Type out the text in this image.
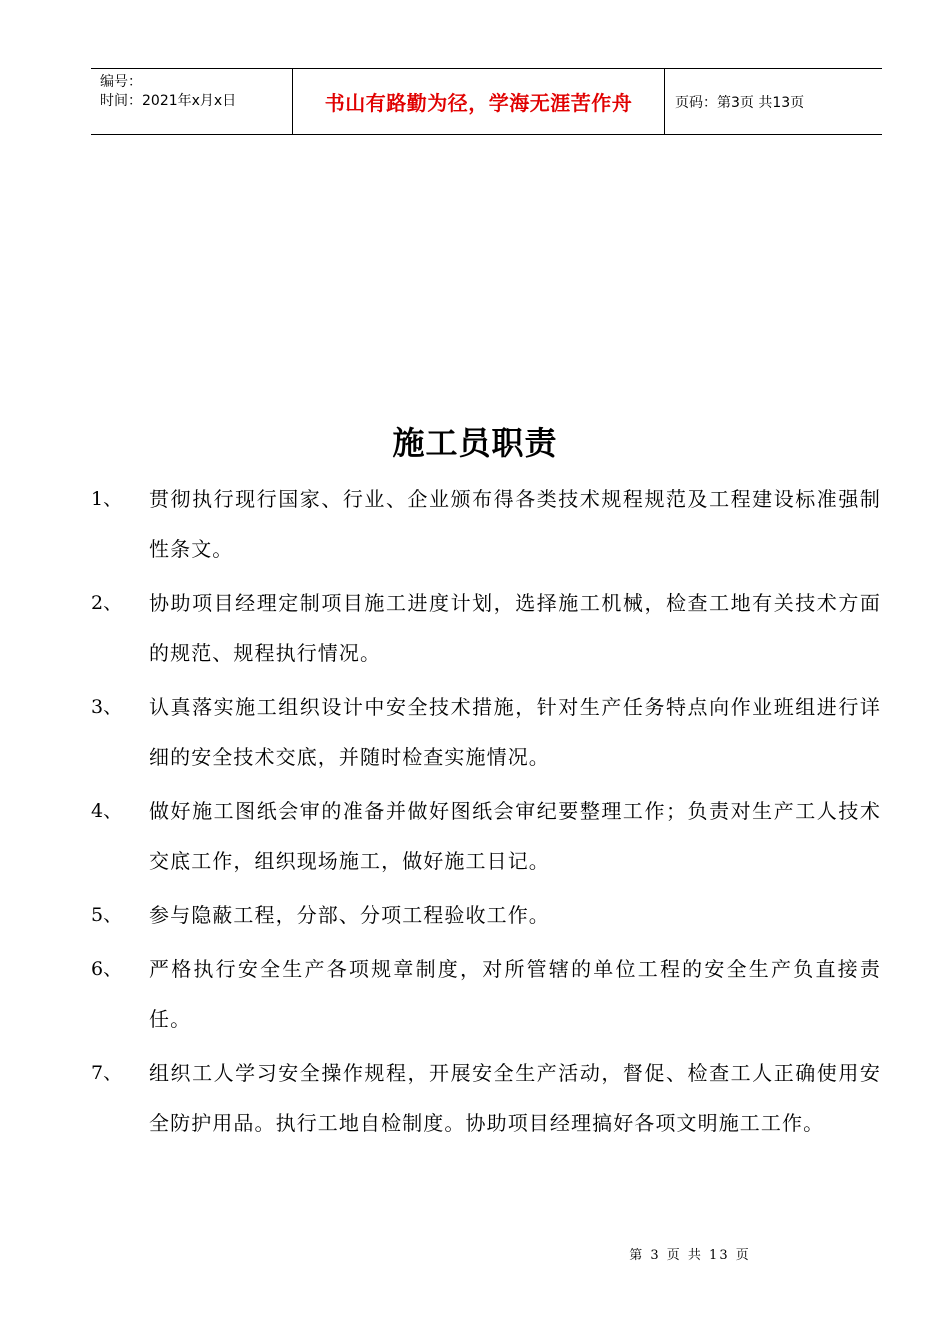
编号：
时间：2021年x月x日	书山有路勤为径，学海无涯苦作舟	页码：第3页 共13页
施工员职责
1、	贯彻执行现行国家、行业、企业颁布得各类技术规程规范及工程建设标准强制性条文。
2、	协助项目经理定制项目施工进度计划，选择施工机械，检查工地有关技术方面的规范、规程执行情况。
3、	认真落实施工组织设计中安全技术措施，针对生产任务特点向作业班组进行详细的安全技术交底，并随时检查实施情况。
4、	做好施工图纸会审的准备并做好图纸会审纪要整理工作；负责对生产工人技术交底工作，组织现场施工，做好施工日记。
5、	参与隐蔽工程，分部、分项工程验收工作。
6、	严格执行安全生产各项规章制度，对所管辖的单位工程的安全生产负直接责任。
7、	组织工人学习安全操作规程，开展安全生产活动，督促、检查工人正确使用安全防护用品。执行工地自检制度。协助项目经理搞好各项文明施工工作。
第 3 页 共 13 页
